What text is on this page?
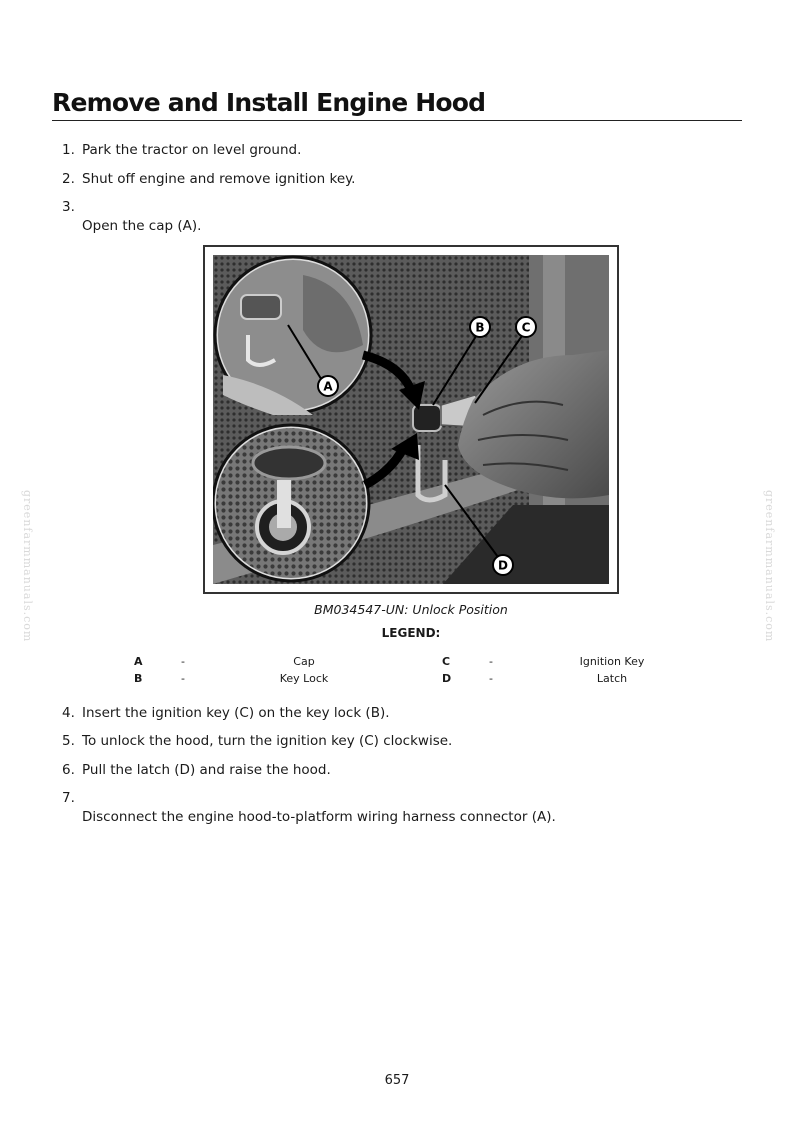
greenfarmmanuals.com	greenfarmmanuals.com
Remove and Install Engine Hood
1. Park the tractor on level ground.
2. Shut off engine and remove ignition key.
3.
Open the cap (A).
A
B	C
D
BM034547-UN: Unlock Position
LEGEND:
A	-	Cap	C	-	Ignition Key
B	-	Key Lock	D	-	Latch
4. Insert the ignition key (C) on the key lock (B).
5. To unlock the hood, turn the ignition key (C) clockwise.
6. Pull the latch (D) and raise the hood.
7.
Disconnect the engine hood-to-platform wiring harness connector (A).
657
